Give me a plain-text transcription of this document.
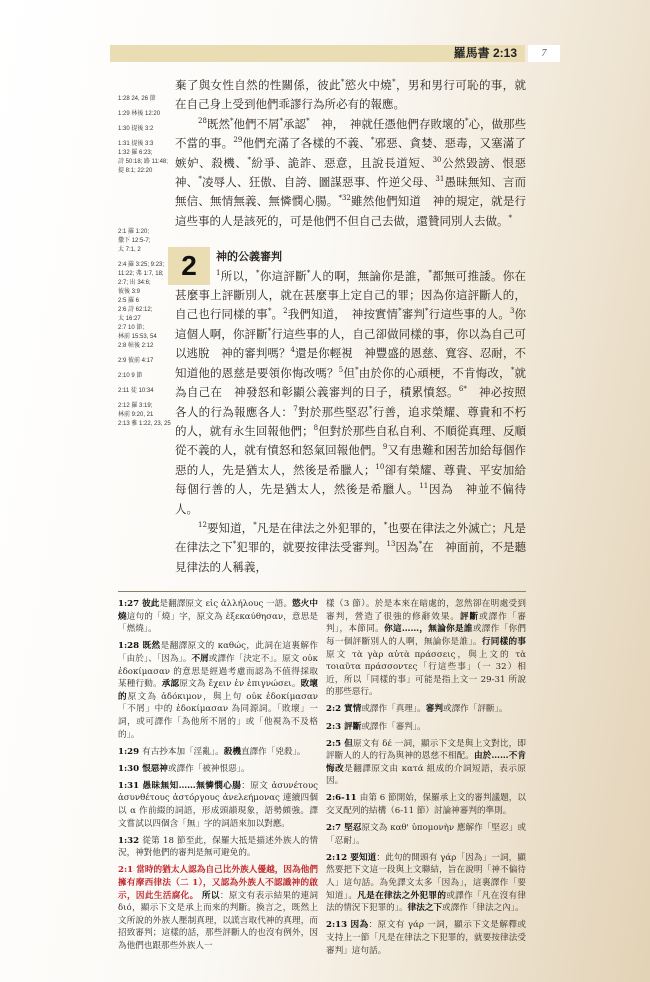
羅馬書 2:13	7
1:28 24, 26 節
1:29 林後 12:20
1:30 提後 3:2
1:31 提後 3:3
1:32 羅 6:23;
詩 50:18; 路 11:48;
提 8:1; 22:20
2:1 羅 1:20;
撒下 12:5-7;
太 7:1, 2
2:4 羅 3:25; 9:23;
11:22; 弗 1:7, 18;
2:7; 出 34:6;
彼後 3:9
2:5 羅 6
2:6 詩 62:12;
太 16:27
2:7 10 節；
林前 15:53, 54
2:8 帖後 2:12
2:9 彼前 4:17
2:10 9 節
2:11 徒 10:34
2:12 羅 3:19;
林前 9:20, 21
2:13 雅 1:22, 23, 25

棄了與女性自然的性關係，彼此*慾火中燒*，男和男行可恥的事，就在自己身上受到他們乖謬行為所必有的報應。

$^{28}$既然*他們不屑*承認*　神，　神就任憑他們存敗壞的*心，做那些不當的事。$^{29}$他們充滿了各樣的不義、*邪惡、貪婪、惡毒，又塞滿了嫉妒、殺機、*紛爭、詭詐、惡意，且說長道短、$^{30}$公然毀謗、恨惡　神、*凌辱人、狂傲、自誇、圖謀惡事、忤逆父母、$^{31}$愚昧無知、言而無信、無情無義、無憐憫心腸。$^{*32}$雖然他們知道　神的規定，就是行這些事的人是該死的，可是他們不但自己去做，還贊同別人去做。*

2	神的公義審判

$^1$所以，*你這評斷*人的啊，無論你是誰，*都無可推諉。你在甚麼事上評斷別人，就在甚麼事上定自己的罪；因為你這評斷人的，自己也行同樣的事*。$^2$我們知道，　神按實情*審判*行這些事的人。$^3$你這個人啊，你評斷*行這些事的人，自己卻做同樣的事，你以為自己可以逃脫　神的審判嗎？$^4$還是你輕視　神豐盛的恩慈、寬容、忍耐，不知道他的恩慈是要領你悔改嗎？$^5$但*由於你的心頑梗，不肯悔改，*就為自己在　神發怒和彰顯公義審判的日子，積累憤怒。$^{6*}$　神必按照各人的行為報應各人：$^7$對於那些堅忍*行善，追求榮耀、尊貴和不朽的人，就有永生回報他們；$^8$但對於那些自私自利、不順從真理、反順從不義的人，就有憤怒和怒氣回報他們。$^9$又有患難和困苦加給每個作惡的人，先是猶太人，然後是希臘人；$^{10}$卻有榮耀、尊貴、平安加給每個行善的人，先是猶太人，然後是希臘人。$^{11}$因為　神並不偏待人。

$^{12}$要知道，*凡是在律法之外犯罪的，*也要在律法之外滅亡；凡是在律法之下*犯罪的，就要按律法受審判。$^{13}$因為*在　神面前，不是聽見律法的人稱義，

1:27 彼此是翻譯原文 εἰς ἀλλήλους 一語。慾火中燒這句的「燒」字，原文為 ἐξεκαύθησαν，意思是「燃燒」。

1:28 既然是翻譯原文的 καθώς，此詞在這裏解作「由於」、「因為」。不屑或譯作「決定不」。原文 οὐκ ἐδοκίμασαν 的意思是經過考慮而認為不值得採取某種行動。承認原文為 ἔχειν ἐν ἐπιγνώσει。敗壞的原文為 ἀδόκιμον，與上句 οὐκ ἐδοκίμασαν「不屑」中的 ἐδοκίμασαν 為同源詞。「敗壞」一詞，或可譯作「為他所不屑的」或「他視為不及格的」。

1:29 有古抄本加「淫亂」。殺機直譯作「兇殺」。

1:30 恨惡神或譯作「被神恨惡」。

1:31 愚昧無知……無憐憫心腸：原文 ἀσυνέτους ἀσυνθέτους ἀστόργους ἀνελεήμονας 連續四個以 α 作前綴的詞語，形成頭韻現象，語勢頗強。譯文嘗試以四個含「無」字的詞語來加以對應。

1:32 從第 18 節至此，保羅大抵是描述外族人的情況，神對他們的審判是無可避免的。

2:1 當時的猶太人認為自己比外族人優越，因為他們擁有摩西律法（二 1），又認為外族人不認識神的啟示，因此生活腐化。 所以：原文有表示結果的連詞 διό，顯示下文是承上而來的判斷。換言之，既然上文所說的外族人壓制真理，以謊言取代神的真理，而招致審判；這樣的話，那些評斷人的也沒有例外，因為他們也跟那些外族人一

樣（3 節）。於是本來在暗處的，忽然卻在明處受到審判，營造了很強的修辭效果。評斷或譯作「審判」，本節同。你這……，無論你是誰或譯作「你們每一個評斷別人的人啊，無論你是誰」。行同樣的事原文 τὰ γὰρ αὐτὰ πράσσεις，與上文的 τὰ τοιαῦτα πράσσοντες「行這些事」（一 32）相近，所以「同樣的事」可能是指上文一 29-31 所說的那些惡行。

2:2 實情或譯作「真理」。審判或譯作「評斷」。

2:3 評斷或譯作「審判」。

2:5 但原文有 δέ 一詞，顯示下文是與上文對比，即評斷人的人的行為與神的恩慈不相配。由於……不肯悔改是翻譯原文由 κατά 組成的介詞短語，表示原因。

2:6-11 由第 6 節開始，保羅承上文的審判議題，以交叉配列的結構（6-11 節）討論神審判的準則。

2:7 堅忍原文為 καθ' ὑπομονὴν 應解作「堅忍」或「忍耐」。

2:12 要知道：此句的開頭有 γάρ「因為」一詞，顯然要把下文這一段與上文聯結，旨在說明「神不偏待人」這句話。為免譯文太多「因為」，這裏譯作「要知道」。凡是在律法之外犯罪的或譯作「凡在沒有律法的情況下犯罪的」。律法之下或譯作「律法之內」。

2:13 因為：原文有 γάρ 一詞，顯示下文是解釋或支持上一節「凡是在律法之下犯罪的，就要按律法受審判」這句話。
